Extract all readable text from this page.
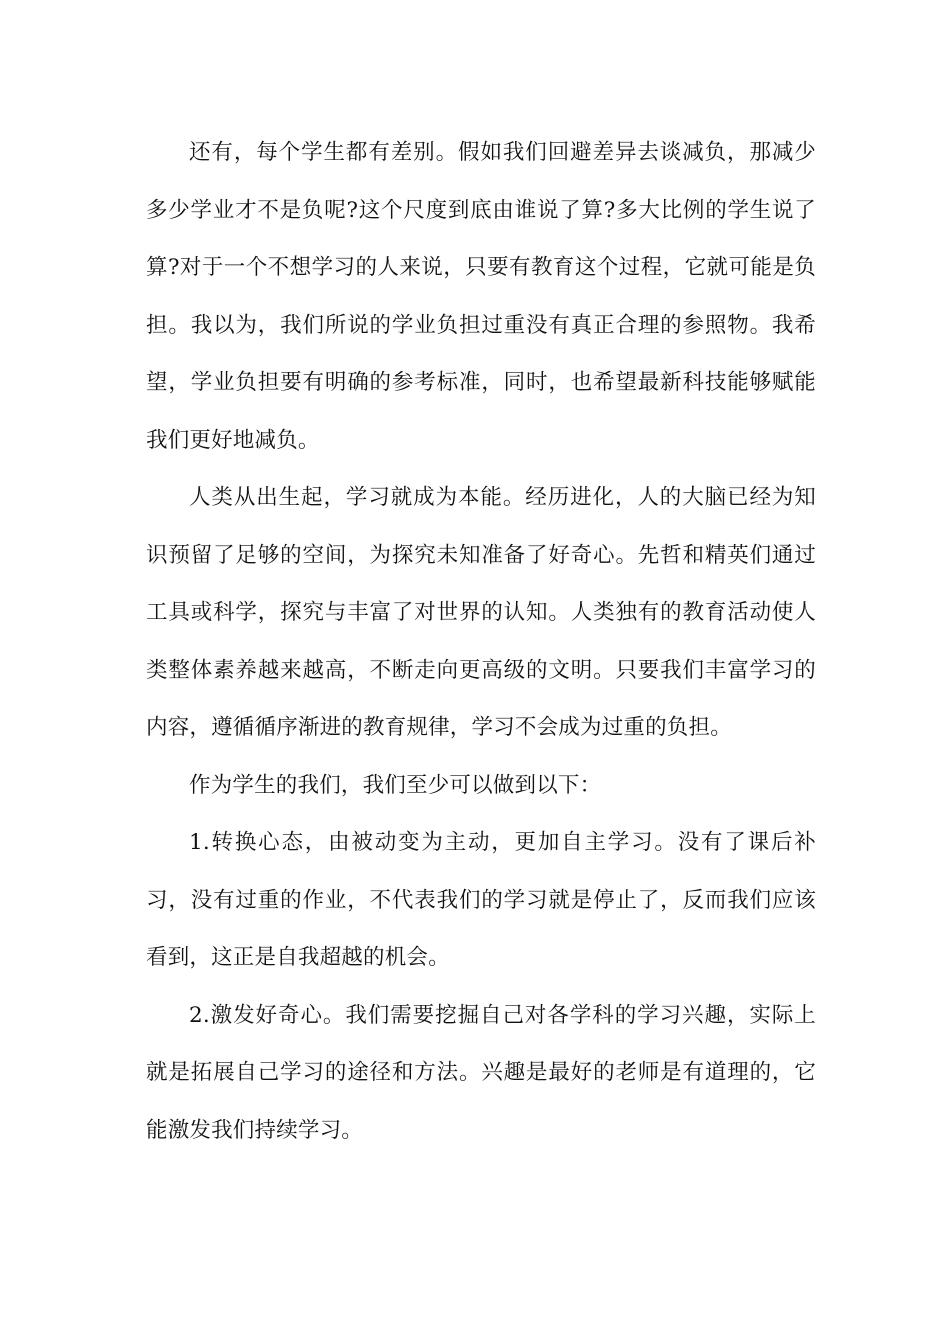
还有，每个学生都有差别。假如我们回避差异去谈减负，那减少多少学业才不是负呢?这个尺度到底由谁说了算?多大比例的学生说了算?对于一个不想学习的人来说，只要有教育这个过程，它就可能是负担。我以为，我们所说的学业负担过重没有真正合理的参照物。我希望，学业负担要有明确的参考标准，同时，也希望最新科技能够赋能我们更好地减负。

人类从出生起，学习就成为本能。经历进化，人的大脑已经为知识预留了足够的空间，为探究未知准备了好奇心。先哲和精英们通过工具或科学，探究与丰富了对世界的认知。人类独有的教育活动使人类整体素养越来越高，不断走向更高级的文明。只要我们丰富学习的内容，遵循循序渐进的教育规律，学习不会成为过重的负担。

作为学生的我们，我们至少可以做到以下：

1.转换心态，由被动变为主动，更加自主学习。没有了课后补习，没有过重的作业，不代表我们的学习就是停止了，反而我们应该看到，这正是自我超越的机会。

2.激发好奇心。我们需要挖掘自己对各学科的学习兴趣，实际上就是拓展自己学习的途径和方法。兴趣是最好的老师是有道理的，它能激发我们持续学习。
